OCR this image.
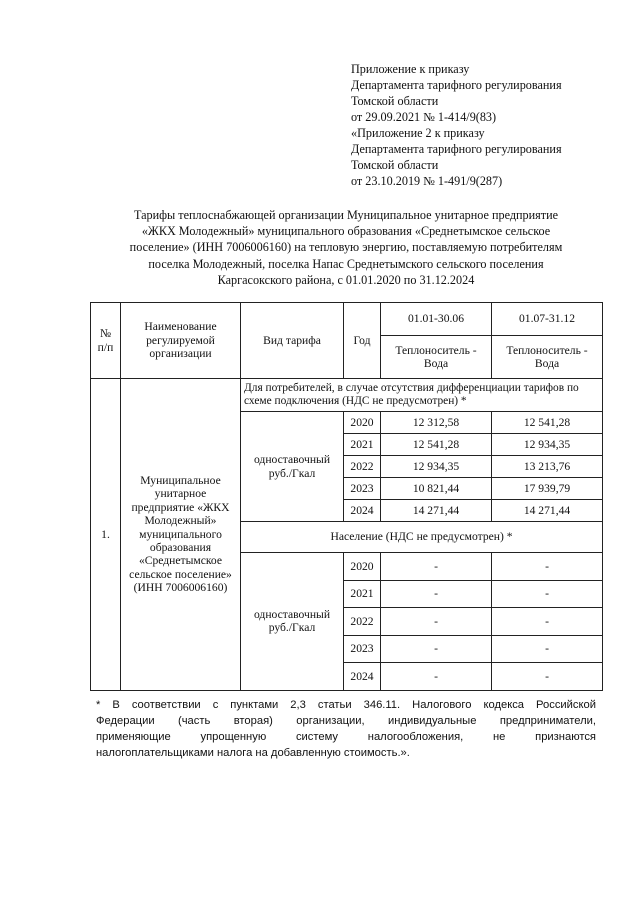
Приложение к приказу
Департамента тарифного регулирования
Томской области
от 29.09.2021 № 1-414/9(83)
«Приложение 2 к приказу
Департамента тарифного регулирования
Томской области
от 23.10.2019 № 1-491/9(287)
Тарифы теплоснабжающей организации Муниципальное унитарное предприятие
«ЖКХ Молодежный» муниципального образования «Среднетымское сельское
поселение» (ИНН 7006006160) на тепловую энергию, поставляемую потребителям
поселка Молодежный, поселка Напас Среднетымского сельского поселения
Каргасокского района, с 01.01.2020 по 31.12.2024
№ п/п	Наименование регулируемой организации	Вид тарифа	Год	01.01-30.06	01.07-31.12
				Теплоноситель - Вода	Теплоноситель - Вода
1.	Муниципальное унитарное предприятие «ЖКХ Молодежный» муниципального образования «Среднетымское сельское поселение» (ИНН 7006006160)	Для потребителей, в случае отсутствия дифференциации тарифов по схеме подключения (НДС не предусмотрен) *			
		одноставочный руб./Гкал	2020	12 312,58	12 541,28
			2021	12 541,28	12 934,35
			2022	12 934,35	13 213,76
			2023	10 821,44	17 939,79
			2024	14 271,44	14 271,44
		Население (НДС не предусмотрен) *			
		одноставочный руб./Гкал	2020	-	-
			2021	-	-
			2022	-	-
			2023	-	-
			2024	-	-
* В соответствии с пунктами 2,3 статьи 346.11. Налогового кодекса Российской
Федерации (часть вторая) организации, индивидуальные предприниматели,
применяющие упрощенную систему налогообложения, не признаются
налогоплательщиками налога на добавленную стоимость.».
